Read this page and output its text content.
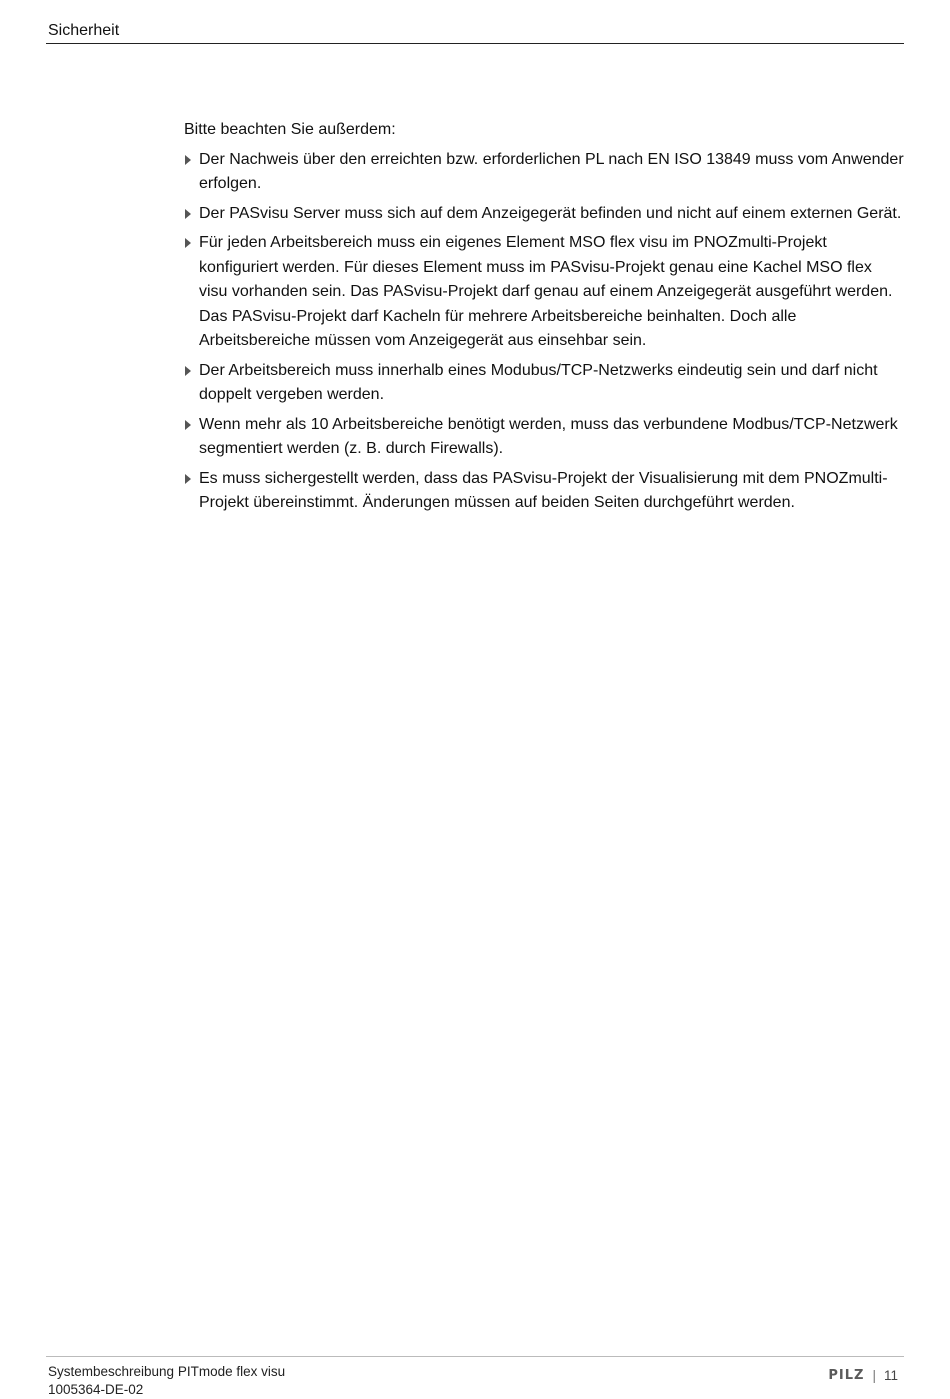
Sicherheit

Bitte beachten Sie außerdem:

Der Nachweis über den erreichten bzw. erforderlichen PL nach EN ISO 13849 muss vom Anwender erfolgen.
Der PASvisu Server muss sich auf dem Anzeigegerät befinden und nicht auf einem externen Gerät.
Für jeden Arbeitsbereich muss ein eigenes Element MSO flex visu im PNOZmulti-Projekt konfiguriert werden. Für dieses Element muss im PASvisu-Projekt genau eine Kachel MSO flex visu vorhanden sein. Das PASvisu-Projekt darf genau auf einem Anzeigegerät ausgeführt werden. Das PASvisu-Projekt darf Kacheln für mehrere Arbeitsbereiche beinhalten. Doch alle Arbeitsbereiche müssen vom Anzeigegerät aus einsehbar sein.
Der Arbeitsbereich muss innerhalb eines Modubus/TCP-Netzwerks eindeutig sein und darf nicht doppelt vergeben werden.
Wenn mehr als 10 Arbeitsbereiche benötigt werden, muss das verbundene Modbus/TCP-Netzwerk segmentiert werden (z. B. durch Firewalls).
Es muss sichergestellt werden, dass das PASvisu-Projekt der Visualisierung mit dem PNOZmulti-Projekt übereinstimmt. Änderungen müssen auf beiden Seiten durchgeführt werden.
Systembeschreibung PITmode flex visu
1005364-DE-02
PILZ | 11
